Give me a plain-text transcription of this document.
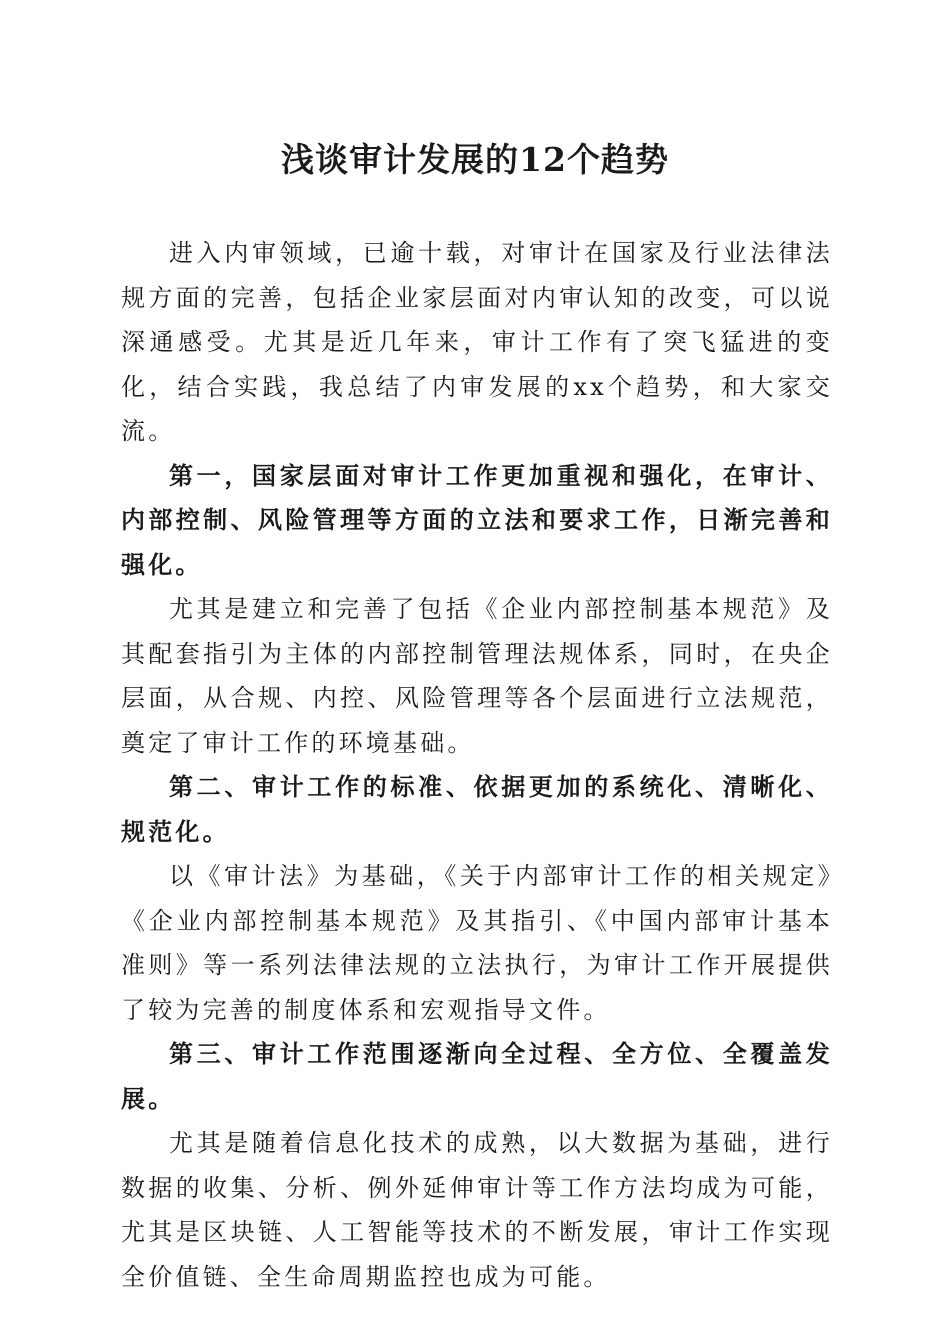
浅谈审计发展的12个趋势

进入内审领域，已逾十载，对审计在国家及行业法律法规方面的完善，包括企业家层面对内审认知的改变，可以说深通感受。尤其是近几年来，审计工作有了突飞猛进的变化，结合实践，我总结了内审发展的xx个趋势，和大家交流。

第一，国家层面对审计工作更加重视和强化，在审计、内部控制、风险管理等方面的立法和要求工作，日渐完善和强化。

尤其是建立和完善了包括《企业内部控制基本规范》及其配套指引为主体的内部控制管理法规体系，同时，在央企层面，从合规、内控、风险管理等各个层面进行立法规范，奠定了审计工作的环境基础。

第二、审计工作的标准、依据更加的系统化、清晰化、规范化。

以《审计法》为基础，《关于内部审计工作的相关规定》《企业内部控制基本规范》及其指引、《中国内部审计基本准则》等一系列法律法规的立法执行，为审计工作开展提供了较为完善的制度体系和宏观指导文件。

第三、审计工作范围逐渐向全过程、全方位、全覆盖发展。

尤其是随着信息化技术的成熟，以大数据为基础，进行数据的收集、分析、例外延伸审计等工作方法均成为可能，尤其是区块链、人工智能等技术的不断发展，审计工作实现全价值链、全生命周期监控也成为可能。
